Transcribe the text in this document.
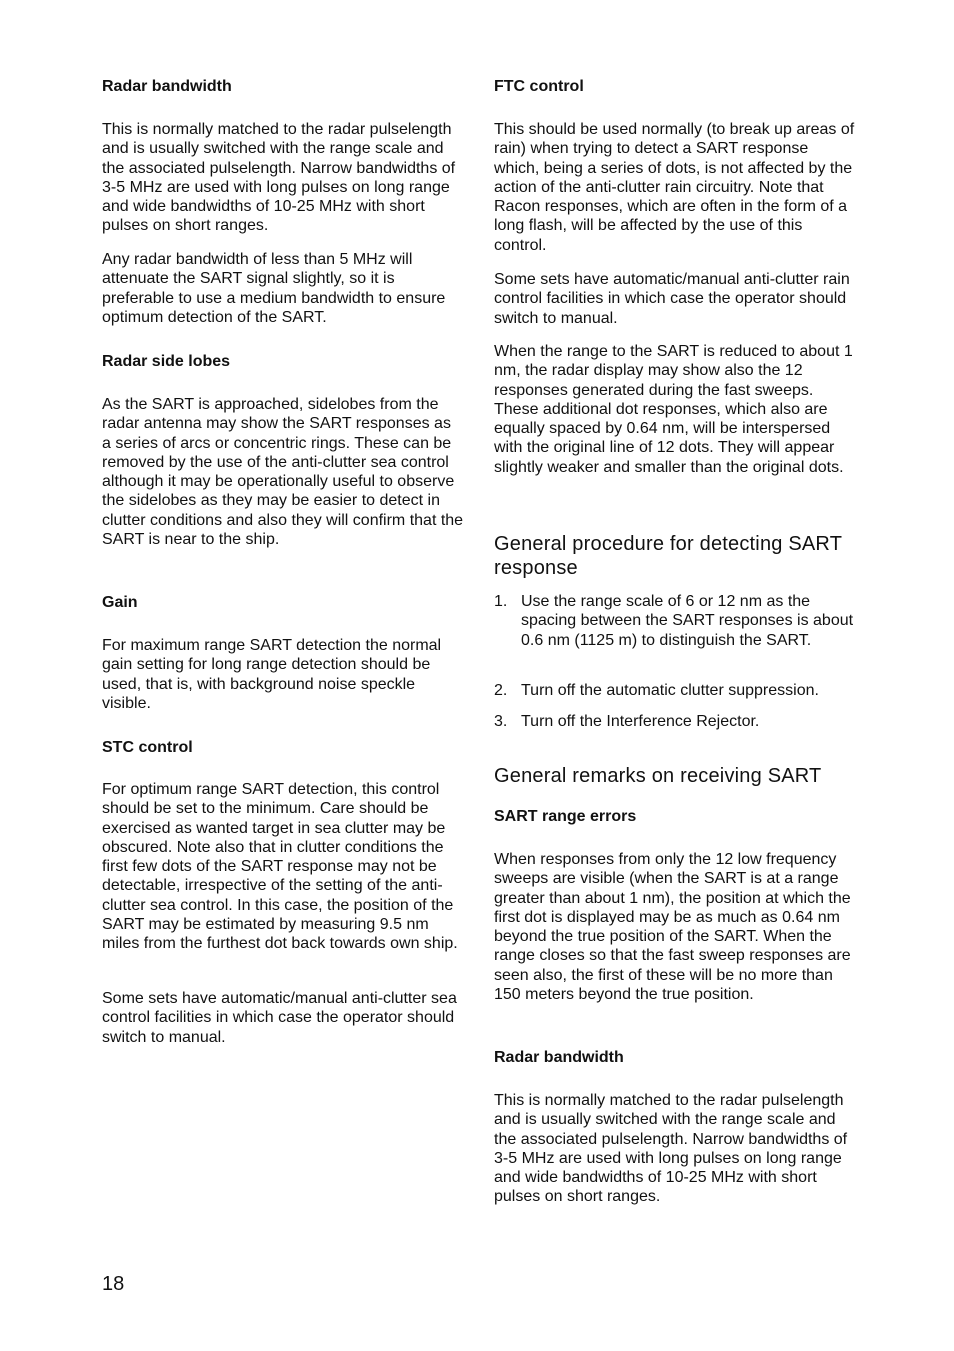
Radar bandwidth

This is normally matched to the radar pulselength and is usually switched with the range scale and the associated pulselength. Narrow bandwidths of 3-5 MHz are used with long pulses on long range and wide bandwidths of 10-25 MHz with short pulses on short ranges.

Any radar bandwidth of less than 5 MHz will attenuate the SART signal slightly, so it is preferable to use a medium bandwidth to ensure optimum detection of the SART.

Radar side lobes

As the SART is approached, sidelobes from the radar antenna may show the SART responses as a series of arcs or concentric rings. These can be removed by the use of the anti-clutter sea control although it may be operationally useful to observe the sidelobes as they may be easier to detect in clutter conditions and also they will confirm that the SART is near to the ship.

Gain

For maximum range SART detection the normal gain setting for long range detection should be used, that is, with background noise speckle visible.

STC control

For optimum range SART detection, this control should be set to the minimum. Care should be exercised as wanted target in sea clutter may be obscured. Note also that in clutter conditions the first few dots of the SART response may not be detectable, irrespective of the setting of the anti-clutter sea control. In this case, the position of the SART may be estimated by measuring 9.5 nm miles from the furthest dot back towards own ship.

Some sets have automatic/manual anti-clutter sea control facilities in which case the operator should switch to manual.

FTC control

This should be used normally (to break up areas of rain) when trying to detect a SART response which, being a series of dots, is not affected by the action of the anti-clutter rain circuitry. Note that Racon responses, which are often in the form of a long flash, will be affected by the use of this control.

Some sets have automatic/manual anti-clutter rain control facilities in which case the operator should switch to manual.

When the range to the SART is reduced to about 1 nm, the radar display may show also the 12 responses generated during the fast sweeps. These additional dot responses, which also are equally spaced by 0.64 nm, will be interspersed with the original line of 12 dots. They will appear slightly weaker and smaller than the original dots.

General procedure for detecting SART response
1. Use the range scale of 6 or 12 nm as the spacing between the SART responses is about 0.6 nm (1125 m) to distinguish the SART.
2. Turn off the automatic clutter suppression.
3. Turn off the Interference Rejector.
General remarks on receiving SART
SART range errors

When responses from only the 12 low frequency sweeps are visible (when the SART is at a range greater than about 1 nm), the position at which the first dot is displayed may be as much as 0.64 nm beyond the true position of the SART. When the range closes so that the fast sweep responses are seen also, the first of these will be no more than 150 meters beyond the true position.

Radar bandwidth

This is normally matched to the radar pulselength and is usually switched with the range scale and the associated pulselength. Narrow bandwidths of 3-5 MHz are used with long pulses on long range and wide bandwidths of 10-25 MHz with short pulses on short ranges.

18
